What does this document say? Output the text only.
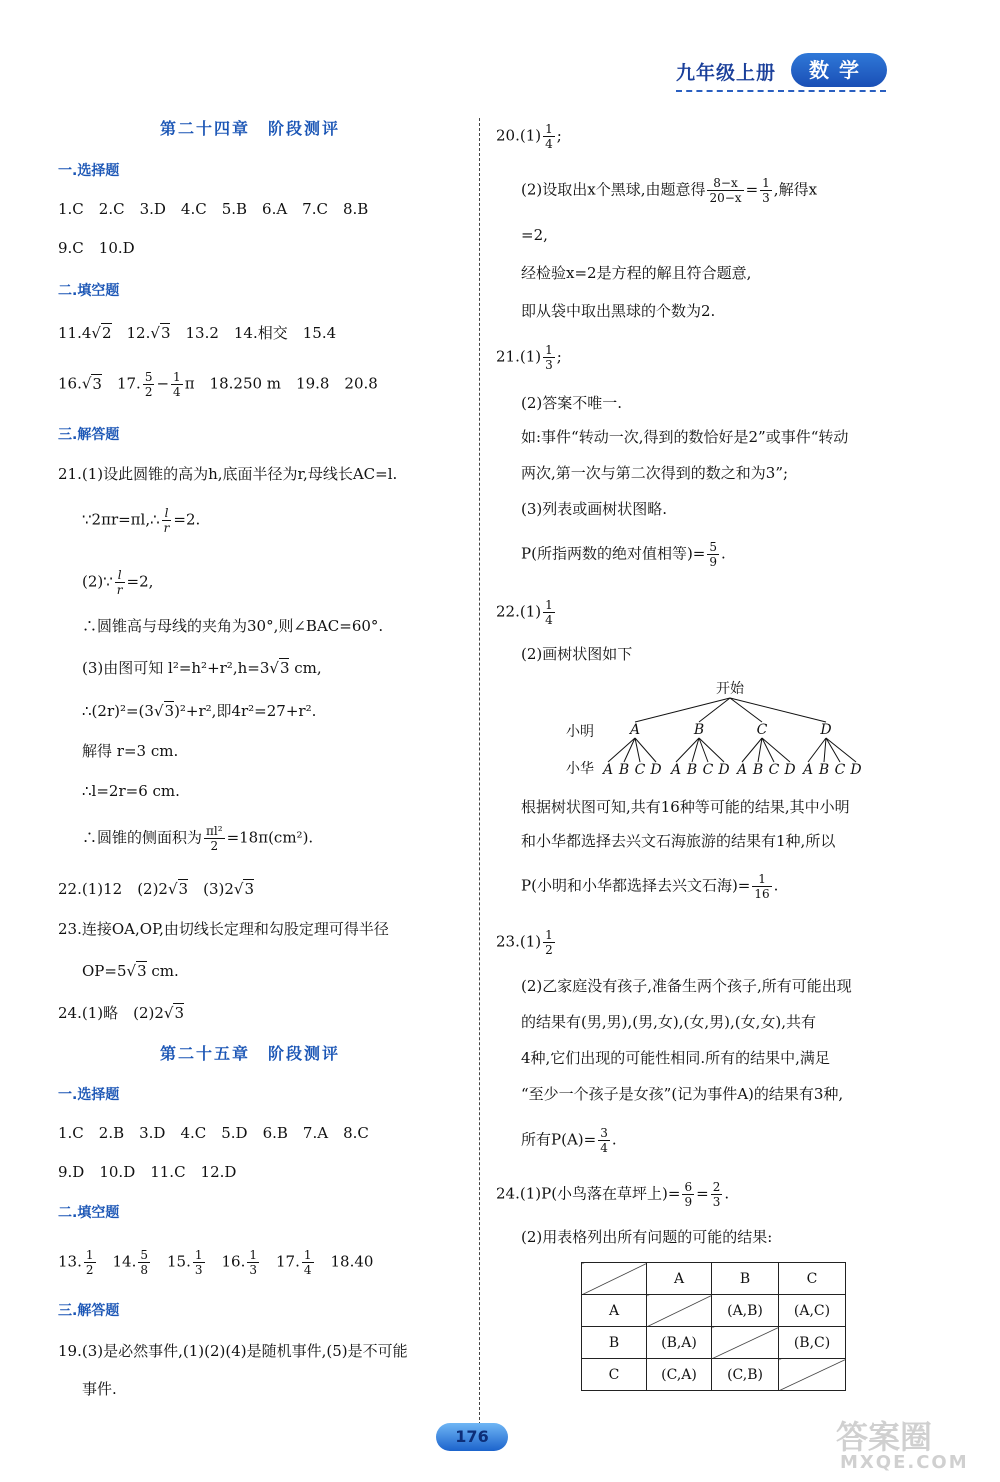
九年级上册	数学
第二十四章　阶段测评
一.选择题
1.C　2.C　3.D　4.C　5.B　6.A　7.C　8.B
9.C　10.D
二.填空题
11.4√2　12.√3　13.2　14.相交　15.4
16.√3　17. $\frac{5}{2} - \frac{1}{4}$ π　18.250 m　19.8　20.8
三.解答题
21.(1)设此圆锥的高为h,底面半径为r,母线长AC=l.
∵2πr=πl,∴ $\frac{l}{r} =2$.
(2)∵ $\frac{l}{r} =2$,
∴圆锥高与母线的夹角为30°,则∠BAC=60°.
(3)由图可知 l²=h²+r²,h=3√3 cm,
∴(2r)²=(3√3)²+r²,即4r²=27+r².
解得 r=3 cm.
∴l=2r=6 cm.
∴圆锥的侧面积为 $\frac{\text{πl²}}{2} =18\pi(cm^2)$.
22.(1)12　(2)2√3　(3)2√3
23.连接OA,OP,由切线长定理和勾股定理可得半径
OP=5√3 cm.
24.(1)略　(2)2√3
第二十五章　阶段测评
一.选择题
1.C　2.B　3.D　4.C　5.D　6.B　7.A　8.C
9.D　10.D　11.C　12.D
二.填空题
13. $\frac{1}{2}$ 　14. $\frac{5}{8}$ 　15. $\frac{1}{3}$ 　16. $\frac{1}{3}$ 　17. $\frac{1}{4}$ 　18.40
三.解答题
19.(3)是必然事件,(1)(2)(4)是随机事件,(5)是不可能
事件.
$20.(1) \frac{1}{4}$ ;
(2)设取出x个黑球,由题意得 $\frac{8-x}{20-x} = \frac{1}{3}$ ,解得x
=2,
经检验x=2是方程的解且符合题意,
即从袋中取出黑球的个数为2.
$21.(1) \frac{1}{3}$ ;
(2)答案不唯一.
如:事件“转动一次,得到的数恰好是2”或事件“转动
两次,第一次与第二次得到的数之和为3”;
(3)列表或画树状图略.
P(所指两数的绝对值相等)= $\frac{5}{9}$ .
$22.(1) \frac{1}{4}$
(2)画树状图如下
开始
小明
小华
A	B	C	D
A B C D A B C D A B C D A B C D
根据树状图可知,共有16种等可能的结果,其中小明
和小华都选择去兴文石海旅游的结果有1种,所以
P(小明和小华都选择去兴文石海)= $\frac{1}{16}$ .
$23.(1) \frac{1}{2}$
(2)乙家庭没有孩子,准备生两个孩子,所有可能出现
的结果有(男,男),(男,女),(女,男),(女,女),共有
4种,它们出现的可能性相同.所有的结果中,满足
“至少一个孩子是女孩”(记为事件A)的结果有3种,
所有$P(A)= \frac{3}{4}$ .
24.(1)P(小鸟落在草坪上)= $\frac{6}{9} = \frac{2}{3}$ .
(2)用表格列出所有问题的可能的结果:
	A	B	C
A		(A,B)	(A,C)
B	(B,A)		(B,C)
C	(C,A)	(C,B)	
176	答案圈
MXQE.COM
